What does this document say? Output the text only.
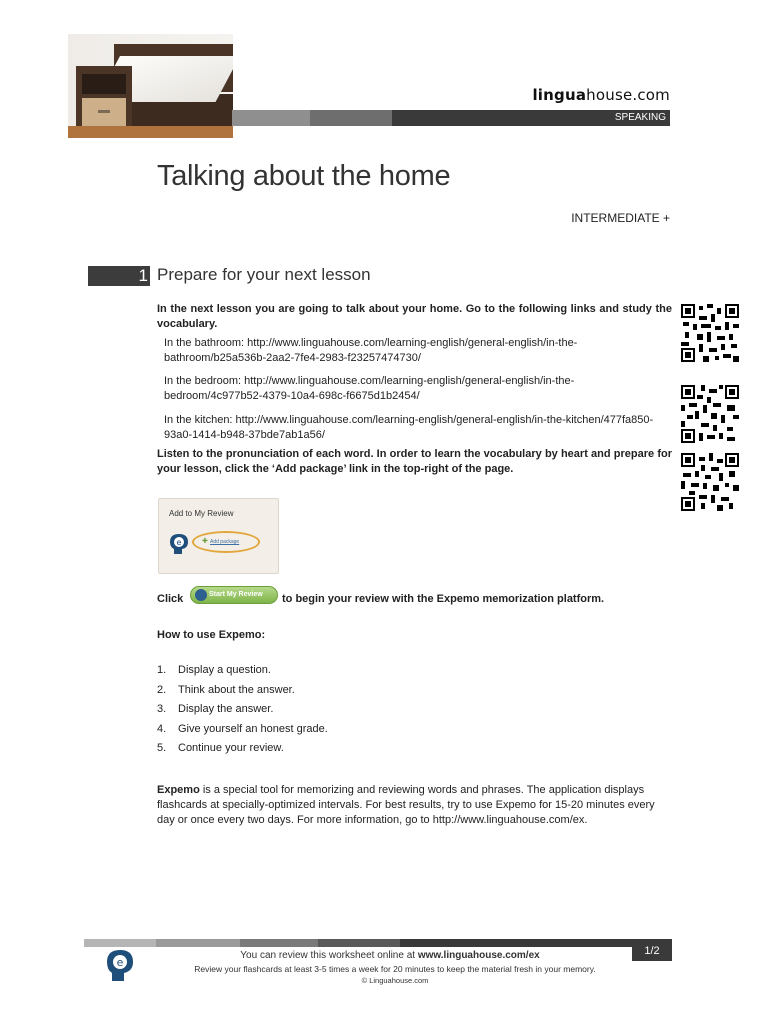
linguahouse.com
SPEAKING
Talking about the home
INTERMEDIATE +
1 Prepare for your next lesson

In the next lesson you are going to talk about your home. Go to the following links and study the vocabulary.

In the bathroom: http://www.linguahouse.com/learning-english/general-english/in-the-bathroom/b25a536b-2aa2-7fe4-2983-f23257474730/

In the bedroom: http://www.linguahouse.com/learning-english/general-english/in-the-bedroom/4c977b52-4379-10a4-698c-f6675d1b2454/

In the kitchen: http://www.linguahouse.com/learning-english/general-english/in-the-kitchen/477fa850-93a0-1414-b948-37bde7ab1a56/

Listen to the pronunciation of each word. In order to learn the vocabulary by heart and prepare for your lesson, click the ‘Add package’ link in the top-right of the page.

Add to My Review
e	✚ Add package
Click	Start My Review	to begin your review with the Expemo memorization platform.
How to use Expemo:
1. Display a question.
2. Think about the answer.
3. Display the answer.
4. Give yourself an honest grade.
5. Continue your review.

Expemo is a special tool for memorizing and reviewing words and phrases. The application displays flashcards at specially-optimized intervals. For best results, try to use Expemo for 15-20 minutes every day or once every two days. For more information, go to http://www.linguahouse.com/ex.

1/2
e
You can review this worksheet online at www.linguahouse.com/ex
Review your flashcards at least 3-5 times a week for 20 minutes to keep the material fresh in your memory.
© Linguahouse.com
